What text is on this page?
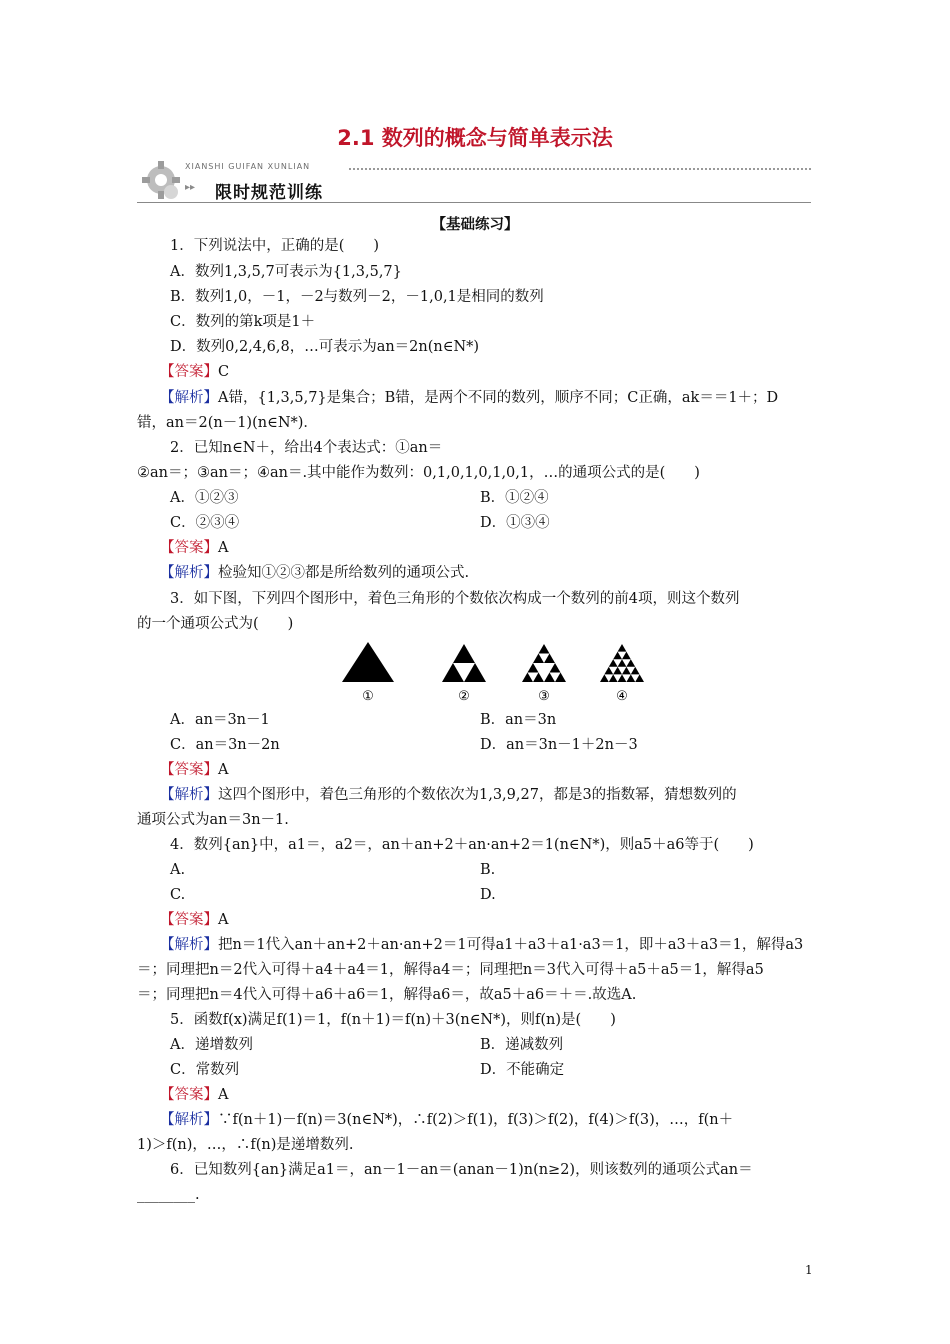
2.1 数列的概念与简单表示法
XIANSHI GUIFAN XUNLIAN
▸▸ 限时规范训练
【基础练习】
1．下列说法中，正确的是(　　)
A．数列1,3,5,7可表示为{1,3,5,7}
B．数列1,0，－1，－2与数列－2，－1,0,1是相同的数列
C．数列的第k项是1＋
D．数列0,2,4,6,8，…可表示为an＝2n(n∈N*)
【答案】C
【解析】A错，{1,3,5,7}是集合；B错，是两个不同的数列，顺序不同；C正确，ak＝＝1＋；D
错，an＝2(n－1)(n∈N*)．
2．已知n∈N＋，给出4个表达式：①an＝
②an＝；③an＝；④an＝.其中能作为数列：0,1,0,1,0,1,0,1，…的通项公式的是(　　)
A．①②③	B．①②④
C．②③④	D．①③④
【答案】A
【解析】检验知①②③都是所给数列的通项公式.
3．如下图，下列四个图形中，着色三角形的个数依次构成一个数列的前4项，则这个数列
的一个通项公式为(　　)
①	②	③	④
A．an＝3n－1	B．an＝3n
C．an＝3n－2n	D．an＝3n－1＋2n－3
【答案】A
【解析】这四个图形中，着色三角形的个数依次为1,3,9,27，都是3的指数幂，猜想数列的
通项公式为an＝3n－1.
4．数列{an}中，a1＝，a2＝，an＋an+2＋an·an+2＝1(n∈N*)，则a5＋a6等于(　　)
A.	B.
C.	D.
【答案】A
【解析】把n＝1代入an＋an+2＋an·an+2＝1可得a1＋a3＋a1·a3＝1，即＋a3＋a3＝1，解得a3
＝；同理把n＝2代入可得＋a4＋a4＝1，解得a4＝；同理把n＝3代入可得＋a5＋a5＝1，解得a5
＝；同理把n＝4代入可得＋a6＋a6＝1，解得a6＝，故a5＋a6＝＋＝.故选A.
5．函数f(x)满足f(1)＝1，f(n＋1)＝f(n)＋3(n∈N*)，则f(n)是(　　)
A．递增数列	B．递减数列
C．常数列	D．不能确定
【答案】A
【解析】∵f(n＋1)－f(n)＝3(n∈N*)，∴f(2)＞f(1)，f(3)＞f(2)，f(4)＞f(3)，…，f(n＋
1)＞f(n)，…，∴f(n)是递增数列.
6．已知数列{an}满足a1＝，an－1－an＝(anan－1)n(n≥2)，则该数列的通项公式an＝
________.
1
